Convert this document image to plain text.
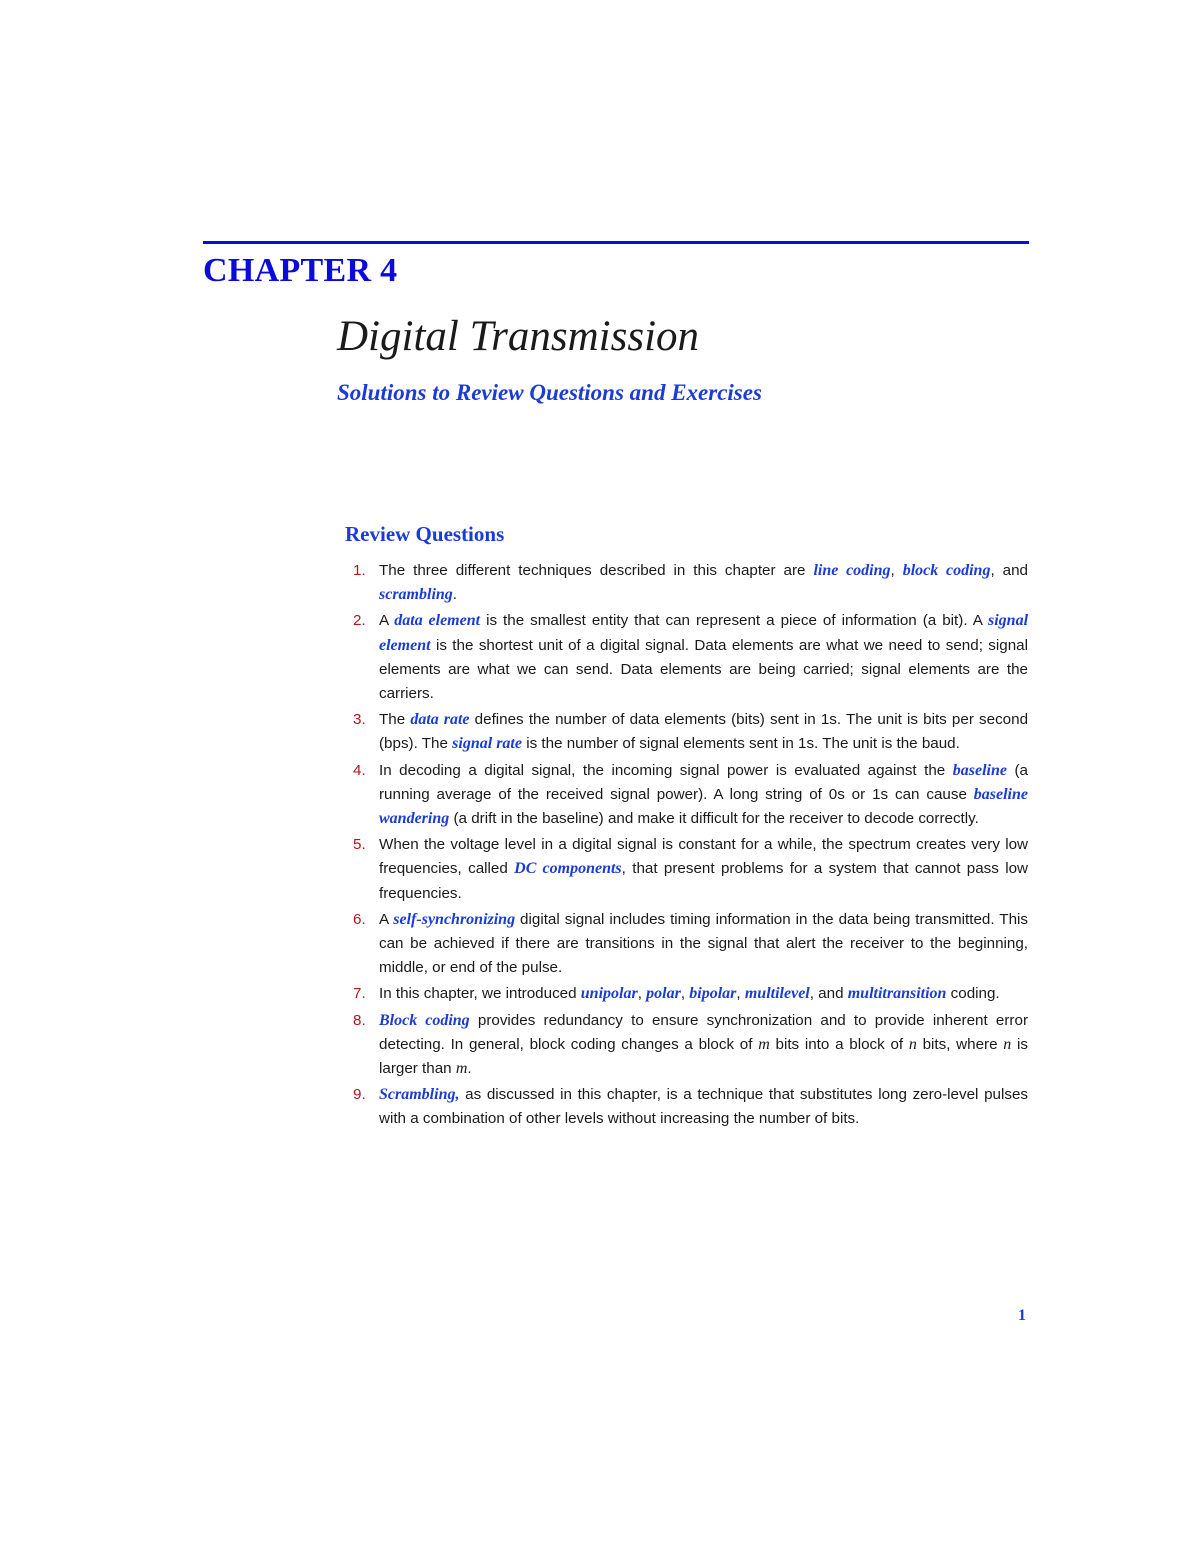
CHAPTER 4
Digital Transmission
Solutions to Review Questions and Exercises
Review Questions
1. The three different techniques described in this chapter are line coding, block coding, and scrambling.
2. A data element is the smallest entity that can represent a piece of information (a bit). A signal element is the shortest unit of a digital signal. Data elements are what we need to send; signal elements are what we can send. Data elements are being carried; signal elements are the carriers.
3. The data rate defines the number of data elements (bits) sent in 1s. The unit is bits per second (bps). The signal rate is the number of signal elements sent in 1s. The unit is the baud.
4. In decoding a digital signal, the incoming signal power is evaluated against the baseline (a running average of the received signal power). A long string of 0s or 1s can cause baseline wandering (a drift in the baseline) and make it difficult for the receiver to decode correctly.
5. When the voltage level in a digital signal is constant for a while, the spectrum creates very low frequencies, called DC components, that present problems for a system that cannot pass low frequencies.
6. A self-synchronizing digital signal includes timing information in the data being transmitted. This can be achieved if there are transitions in the signal that alert the receiver to the beginning, middle, or end of the pulse.
7. In this chapter, we introduced unipolar, polar, bipolar, multilevel, and multitransition coding.
8. Block coding provides redundancy to ensure synchronization and to provide inherent error detecting. In general, block coding changes a block of m bits into a block of n bits, where n is larger than m.
9. Scrambling, as discussed in this chapter, is a technique that substitutes long zero-level pulses with a combination of other levels without increasing the number of bits.
1
